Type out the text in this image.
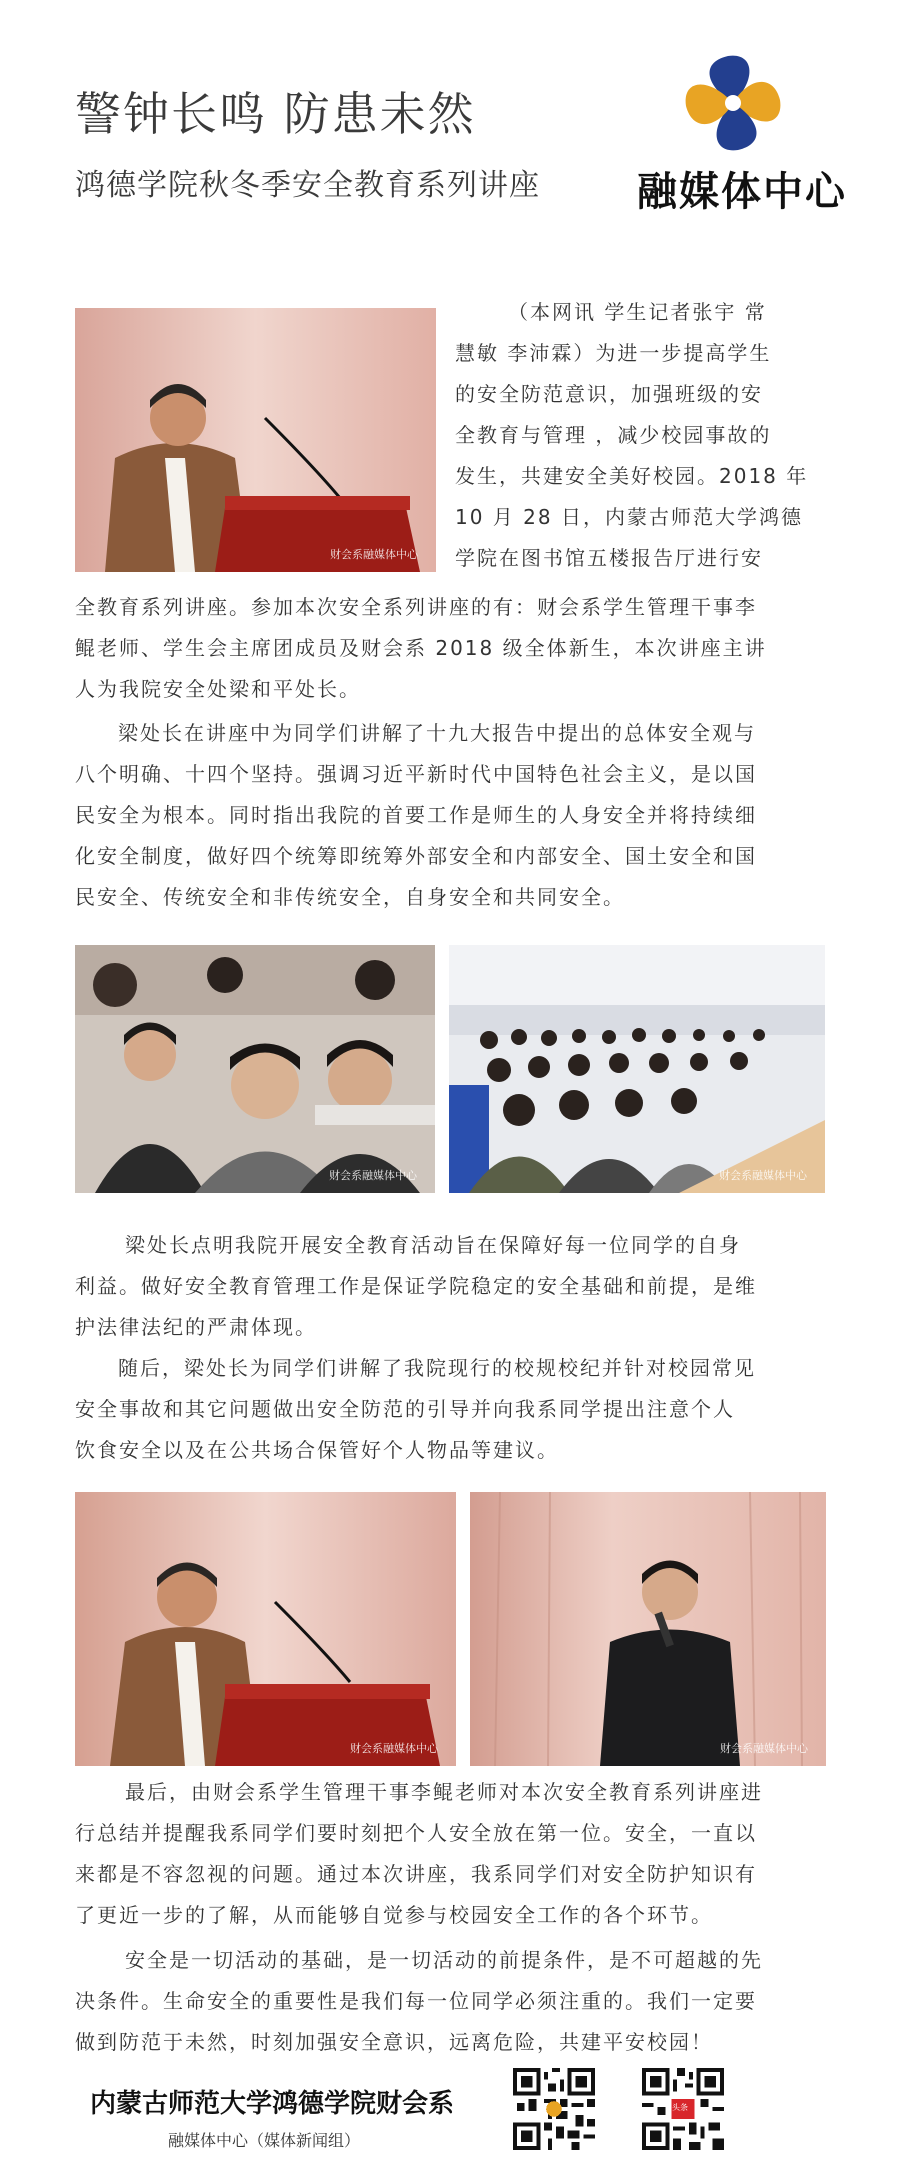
警钟长鸣 防患未然
鸿德学院秋冬季安全教育系列讲座	融媒体中心
财会系融媒体中心

（本网讯 学生记者张宇 常

慧敏 李沛霖）为进一步提高学生

的安全防范意识，加强班级的安

全教育与管理 ，减少校园事故的

发生，共建安全美好校园。2018 年

10 月 28 日，内蒙古师范大学鸿德

学院在图书馆五楼报告厅进行安

全教育系列讲座。参加本次安全系列讲座的有：财会系学生管理干事李

鲲老师、学生会主席团成员及财会系 2018 级全体新生，本次讲座主讲

人为我院安全处梁和平处长。

梁处长在讲座中为同学们讲解了十九大报告中提出的总体安全观与

八个明确、十四个坚持。强调习近平新时代中国特色社会主义，是以国

民安全为根本。同时指出我院的首要工作是师生的人身安全并将持续细

化安全制度，做好四个统筹即统筹外部安全和内部安全、国土安全和国

民安全、传统安全和非传统安全，自身安全和共同安全。

财会系融媒体中心	财会系融媒体中心

梁处长点明我院开展安全教育活动旨在保障好每一位同学的自身

利益。做好安全教育管理工作是保证学院稳定的安全基础和前提，是维

护法律法纪的严肃体现。

随后，梁处长为同学们讲解了我院现行的校规校纪并针对校园常见

安全事故和其它问题做出安全防范的引导并向我系同学提出注意个人

饮食安全以及在公共场合保管好个人物品等建议。

财会系融媒体中心	财会系融媒体中心

最后，由财会系学生管理干事李鲲老师对本次安全教育系列讲座进

行总结并提醒我系同学们要时刻把个人安全放在第一位。安全，一直以

来都是不容忽视的问题。通过本次讲座，我系同学们对安全防护知识有

了更近一步的了解，从而能够自觉参与校园安全工作的各个环节。

安全是一切活动的基础，是一切活动的前提条件，是不可超越的先

决条件。生命安全的重要性是我们每一位同学必须注重的。我们一定要

做到防范于未然，时刻加强安全意识，远离危险，共建平安校园！

内蒙古师范大学鸿德学院财会系
融媒体中心（媒体新闻组）
头条
